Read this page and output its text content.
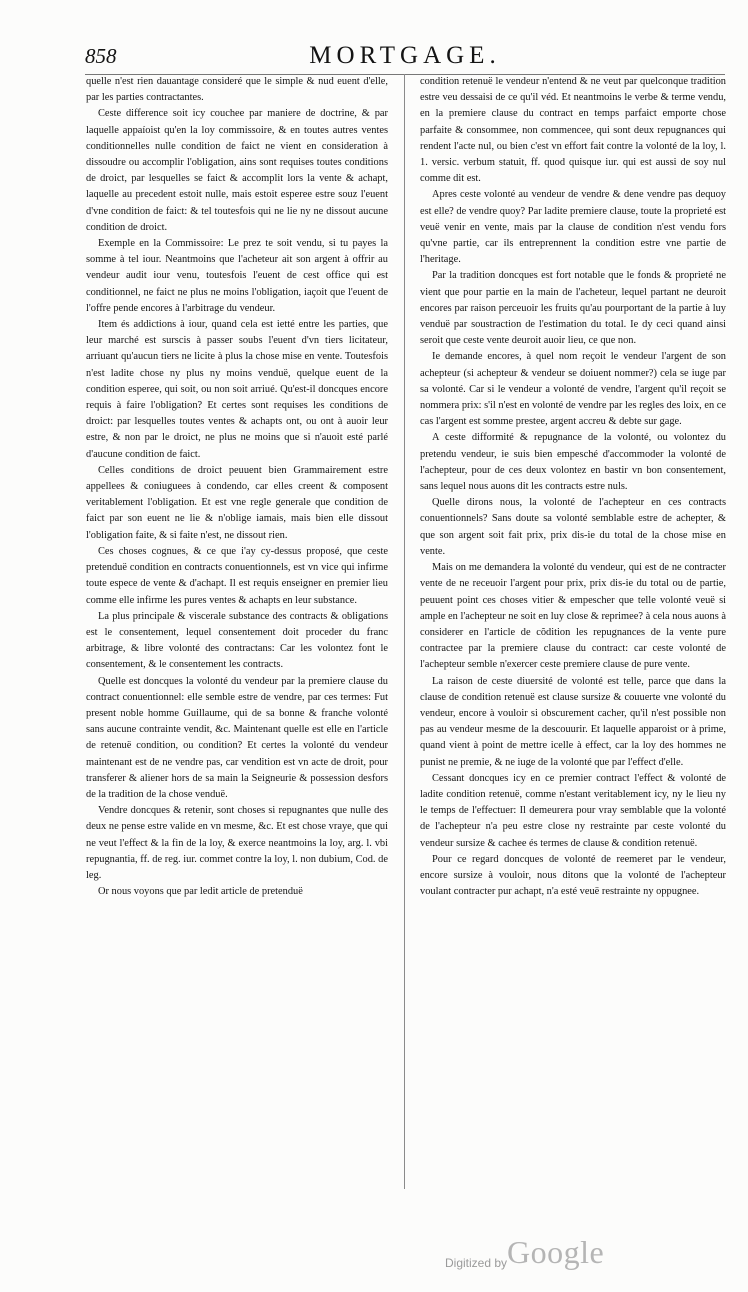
858	MORTGAGE.

quelle n'est rien dauantage consideré que le simple & nud euent d'elle, par les parties contractantes.

Ceste difference soit icy couchee par maniere de doctrine, & par laquelle appaíoist qu'en la loy commissoire, & en toutes autres ventes conditionnelles nulle condition de faict ne vient en consideration à dissoudre ou accomplir l'obligation, ains sont requises toutes conditions de droict, par lesquelles se faict & accomplit lors la vente & achapt, laquelle au precedent estoit nulle, mais estoit esperee estre souz l'euent d'vne condition de faict: & tel toutesfois qui ne lie ny ne dissout aucune condition de droict.

Exemple en la Commissoire: Le prez te soit vendu, si tu payes la somme à tel iour. Neantmoins que l'acheteur ait son argent à offrir au vendeur audit iour venu, toutesfois l'euent de cest office qui est conditionnel, ne faict ne plus ne moins l'obligation, iaçoit que l'euent de l'offre pende encores à l'arbitrage du vendeur.

Item és addictions à iour, quand cela est ietté entre les parties, que leur marché est surscis à passer soubs l'euent d'vn tiers licitateur, arriuant qu'aucun tiers ne licite à plus la chose mise en vente. Toutesfois n'est ladite chose ny plus ny moins venduë, quelque euent de la condition esperee, qui soit, ou non soit arriué. Qu'est-il doncques encore requis à faire l'obligation? Et certes sont requises les conditions de droict: par lesquelles toutes ventes & achapts ont, ou ont à auoir leur estre, & non par le droict, ne plus ne moins que si n'auoit esté parlé d'aucune condition de faict.

Celles conditions de droict peuuent bien Grammairement estre appellees & coniuguees à condendo, car elles creent & composent veritablement l'obligation. Et est vne regle generale que condition de faict par son euent ne lie & n'oblige iamais, mais bien elle dissout l'obligation faite, & si faite n'est, ne dissout rien.

Ces choses cognues, & ce que i'ay cy-dessus proposé, que ceste pretenduë condition en contracts conuentionnels, est vn vice qui infirme toute espece de vente & d'achapt. Il est requis enseigner en premier lieu comme elle infirme les pures ventes & achapts en leur substance.

La plus principale & viscerale substance des contracts & obligations est le consentement, lequel consentement doit proceder du franc arbitrage, & libre volonté des contractans: Car les volontez font le consentement, & le consentement les contracts.

Quelle est doncques la volonté du vendeur par la premiere clause du contract conuentionnel: elle semble estre de vendre, par ces termes: Fut present noble homme Guillaume, qui de sa bonne & franche volonté sans aucune contrainte vendit, &c. Maintenant quelle est elle en l'article de retenuë condition, ou condition? Et certes la volonté du vendeur maintenant est de ne vendre pas, car vendition est vn acte de droit, pour transferer & aliener hors de sa main la Seigneurie & possession desfors de la tradition de la chose venduë.

Vendre doncques & retenir, sont choses si repugnantes que nulle des deux ne pense estre valide en vn mesme, &c. Et est chose vraye, que qui ne veut l'effect & la fin de la loy, & exerce neantmoins la loy, arg. l. vbi repugnantia, ff. de reg. iur. commet contre la loy, l. non dubium, Cod. de leg.

Or nous voyons que par ledit article de pretenduë

condition retenuë le vendeur n'entend & ne veut par quelconque tradition estre veu dessaisi de ce qu'il véd. Et neantmoins le verbe & terme vendu, en la premiere clause du contract en temps parfaict emporte chose parfaite & consommee, non commencee, qui sont deux repugnances qui rendent l'acte nul, ou bien c'est vn effort fait contre la volonté de la loy, l. 1. versic. verbum statuit, ff. quod quisque iur. qui est aussi de soy nul comme dit est.

Apres ceste volonté au vendeur de vendre & dene vendre pas dequoy est elle? de vendre quoy? Par ladite premiere clause, toute la proprieté est veuë venir en vente, mais par la clause de condition n'est vendu fors qu'vne partie, car ils entreprennent la condition estre vne partie de l'heritage.

Par la tradition doncques est fort notable que le fonds & proprieté ne vient que pour partie en la main de l'acheteur, lequel partant ne deuroit encores par raison perceuoir les fruits qu'au pourportant de la partie à luy venduë par soustraction de l'estimation du total. Ie dy ceci quand ainsi seroit que ceste vente deuroit auoir lieu, ce que non.

Ie demande encores, à quel nom reçoit le vendeur l'argent de son achepteur (si achepteur & vendeur se doiuent nommer?) cela se iuge par sa volonté. Car si le vendeur a volonté de vendre, l'argent qu'il reçoit se nommera prix: s'il n'est en volonté de vendre par les regles des loix, en ce cas l'argent est somme prestee, argent accreu & debte sur gage.

A ceste difformité & repugnance de la volonté, ou volontez du pretendu vendeur, ie suis bien empesché d'accommoder la volonté de l'achepteur, pour de ces deux volontez en bastir vn bon consentement, sans lequel nous auons dit les contracts estre nuls.

Quelle dirons nous, la volonté de l'achepteur en ces contracts conuentionnels? Sans doute sa volonté semblable estre de achepter, & que son argent soit fait prix, prix dis-ie du total de la chose mise en vente.

Mais on me demandera la volonté du vendeur, qui est de ne contracter vente de ne receuoir l'argent pour prix, prix dis-ie du total ou de partie, peuuent point ces choses vitier & empescher que telle volonté veuë si ample en l'achepteur ne soit en luy close & reprimee? à cela nous auons à considerer en l'article de cõdition les repugnances de la vente pure contractee par la premiere clause du contract: car ceste volonté de l'achepteur semble n'exercer ceste premiere clause de pure vente.

La raison de ceste diuersité de volonté est telle, parce que dans la clause de condition retenuë est clause sursize & couuerte vne volonté du vendeur, encore à vouloir si obscurement cacher, qu'il n'est possible non pas au vendeur mesme de la descouurir. Et laquelle apparoist or à prime, quand vient à point de mettre icelle à effect, car la loy des hommes ne punist ne premie, & ne iuge de la volonté que par l'effect d'elle.

Cessant doncques icy en ce premier contract l'effect & volonté de ladite condition retenuë, comme n'estant veritablement icy, ny le lieu ny le temps de l'effectuer: Il demeurera pour vray semblable que la volonté de l'achepteur n'a peu estre close ny restrainte par ceste volonté du vendeur sursize & cachee és termes de clause & condition retenuë.

Pour ce regard doncques de volonté de reemeret par le vendeur, encore sursize à vouloir, nous ditons que la volonté de l'achepteur voulant contracter pur achapt, n'a esté veuë restrainte ny oppugnee.

Digitized by Google
